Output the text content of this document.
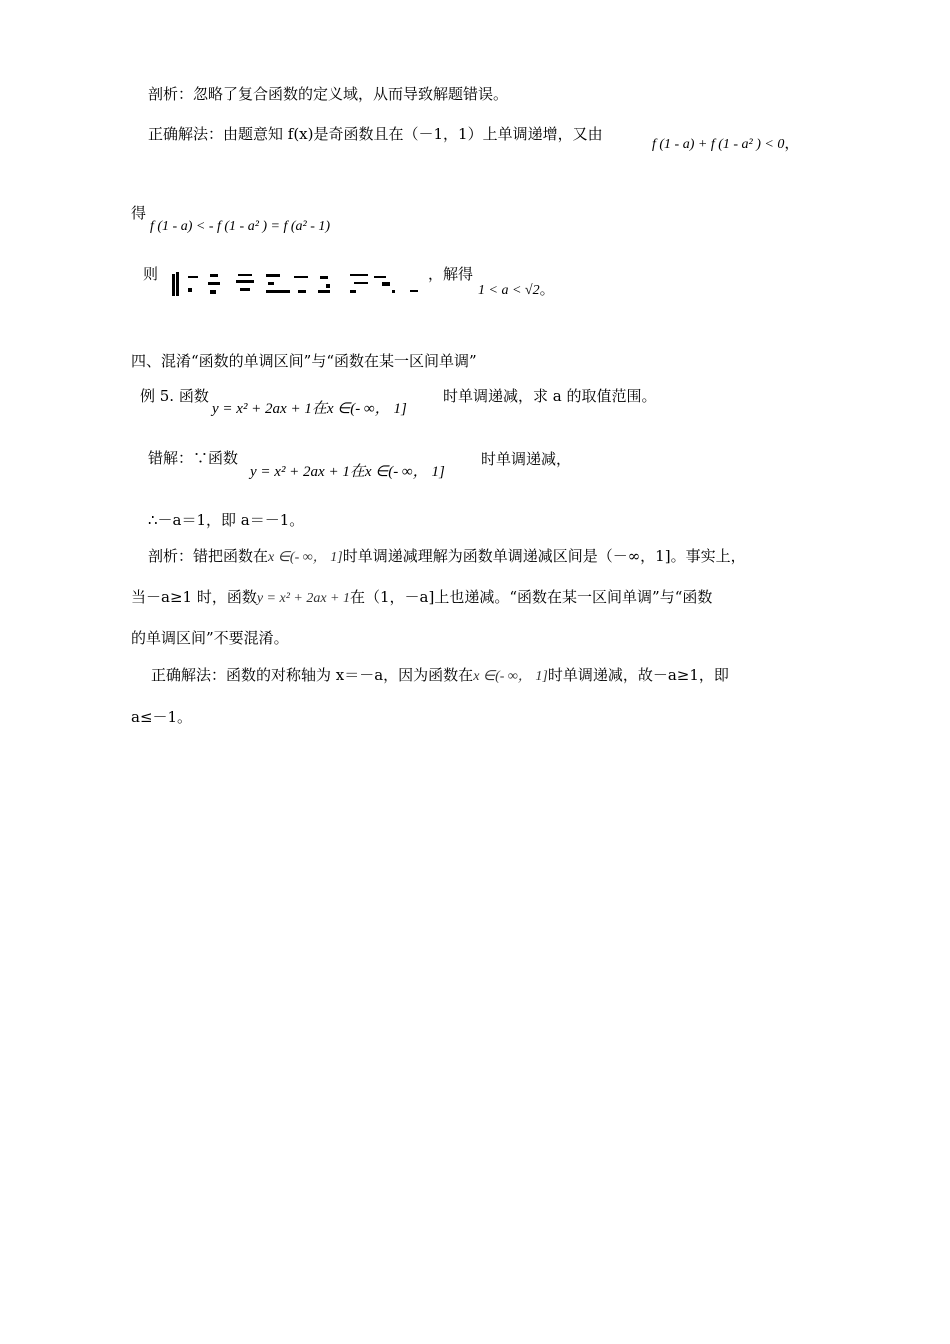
剖析：忽略了复合函数的定义域，从而导致解题错误。
正确解法：由题意知 f(x)是奇函数且在（－1，1）上单调递增，又由
f (1 - a) + f (1 - a² ) < 0，
得
f (1 - a) < - f (1 - a² ) = f (a² - 1)
则	，解得
1 < a < √2。
四、混淆“函数的单调区间”与“函数在某一区间单调”
例 5. 函数
y = x² + 2ax + 1在x ∈(- ∞， 1]
时单调递减，求 a 的取值范围。
错解：∵函数
y = x² + 2ax + 1在x ∈(- ∞， 1]
时单调递减，
∴－a＝1，即 a＝－1。
剖析：错把函数在x ∈(- ∞， 1]时单调递减理解为函数单调递减区间是（－∞，1]。事实上，
当－a≥1 时，函数y = x² + 2ax + 1在（1，－a]上也递减。“函数在某一区间单调”与“函数
的单调区间”不要混淆。
正确解法：函数的对称轴为 x＝－a，因为函数在x ∈(- ∞， 1]时单调递减，故－a≥1，即
a≤－1。
